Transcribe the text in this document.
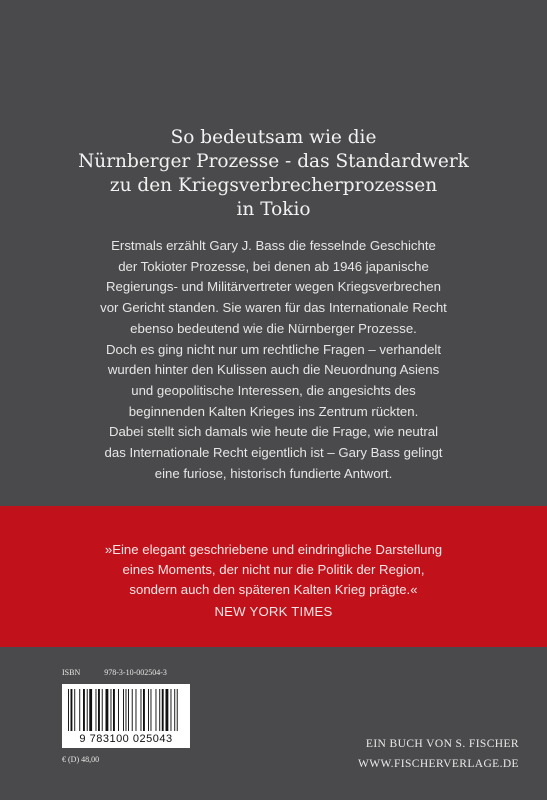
So bedeutsam wie die
Nürnberger Prozesse - das Standardwerk
zu den Kriegsverbrecherprozessen
in Tokio
Erstmals erzählt Gary J. Bass die fesselnde Geschichte
der Tokioter Prozesse, bei denen ab 1946 japanische
Regierungs- und Militärvertreter wegen Kriegsverbrechen
vor Gericht standen. Sie waren für das Internationale Recht
ebenso bedeutend wie die Nürnberger Prozesse.
Doch es ging nicht nur um rechtliche Fragen – verhandelt
wurden hinter den Kulissen auch die Neuordnung Asiens
und geopolitische Interessen, die angesichts des
beginnenden Kalten Krieges ins Zentrum rückten.
Dabei stellt sich damals wie heute die Frage, wie neutral
das Internationale Recht eigentlich ist – Gary Bass gelingt
eine furiose, historisch fundierte Antwort.
»Eine elegant geschriebene und eindringliche Darstellung
eines Moments, der nicht nur die Politik der Region,
sondern auch den späteren Kalten Krieg prägte.«
NEW YORK TIMES
ISBN	978-3-10-002504-3
9 783100 025043
€ (D) 48,00
EIN BUCH VON S. FISCHER
WWW.FISCHERVERLAGE.DE
